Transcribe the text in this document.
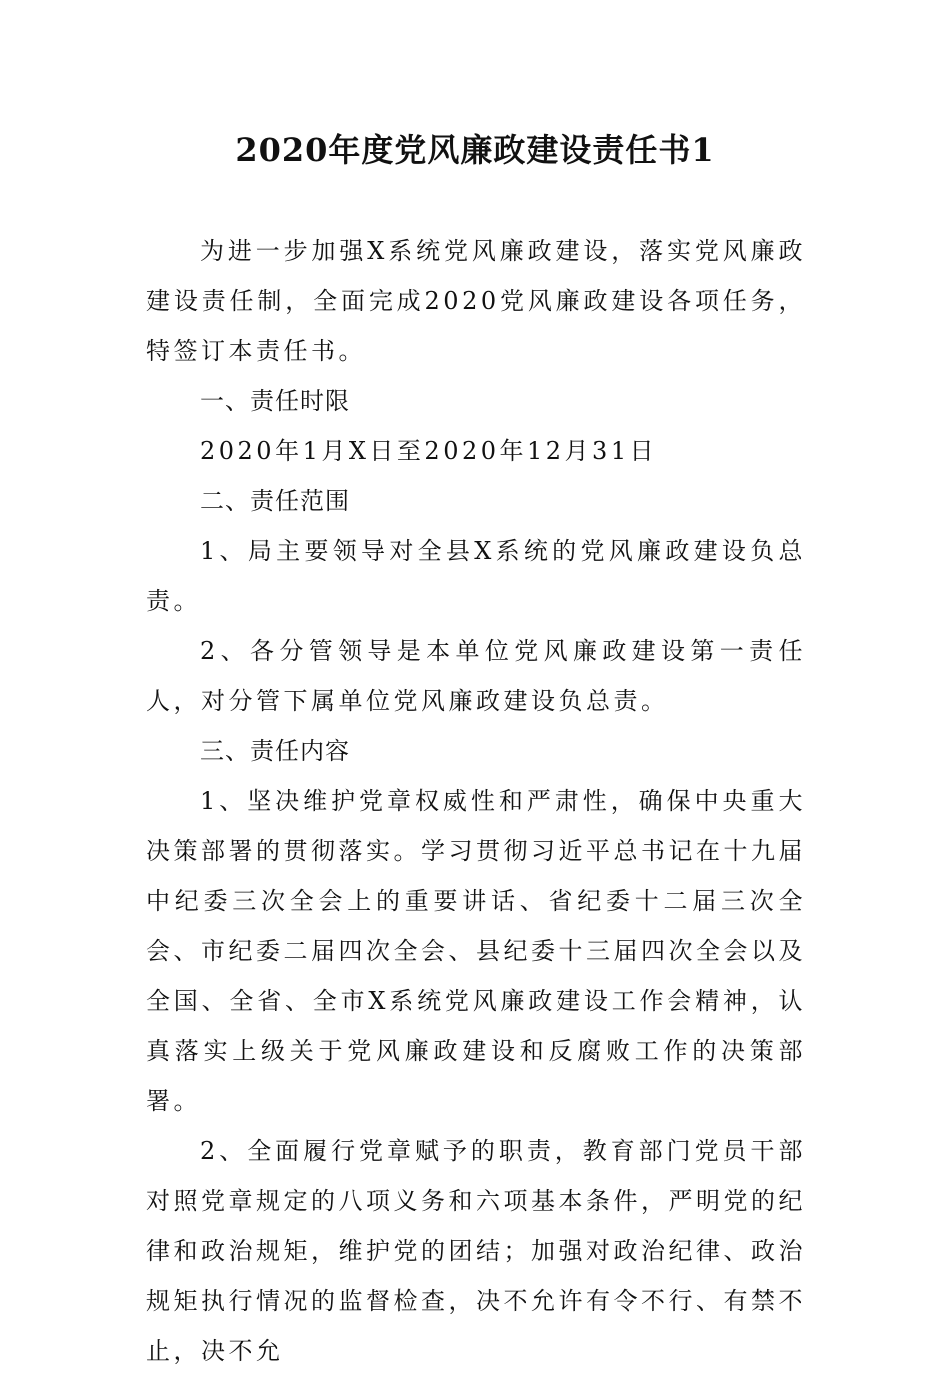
2020年度党风廉政建设责任书1

为进一步加强X系统党风廉政建设，落实党风廉政建设责任制，全面完成2020党风廉政建设各项任务，特签订本责任书。

一、责任时限

2020年1月X日至2020年12月31日

二、责任范围

1、局主要领导对全县X系统的党风廉政建设负总责。

2、各分管领导是本单位党风廉政建设第一责任人，对分管下属单位党风廉政建设负总责。

三、责任内容

1、坚决维护党章权威性和严肃性，确保中央重大决策部署的贯彻落实。学习贯彻习近平总书记在十九届中纪委三次全会上的重要讲话、省纪委十二届三次全会、市纪委二届四次全会、县纪委十三届四次全会以及全国、全省、全市X系统党风廉政建设工作会精神，认真落实上级关于党风廉政建设和反腐败工作的决策部署。

2、全面履行党章赋予的职责，教育部门党员干部对照党章规定的八项义务和六项基本条件，严明党的纪律和政治规矩，维护党的团结；加强对政治纪律、政治规矩执行情况的监督检查，决不允许有令不行、有禁不止，决不允
